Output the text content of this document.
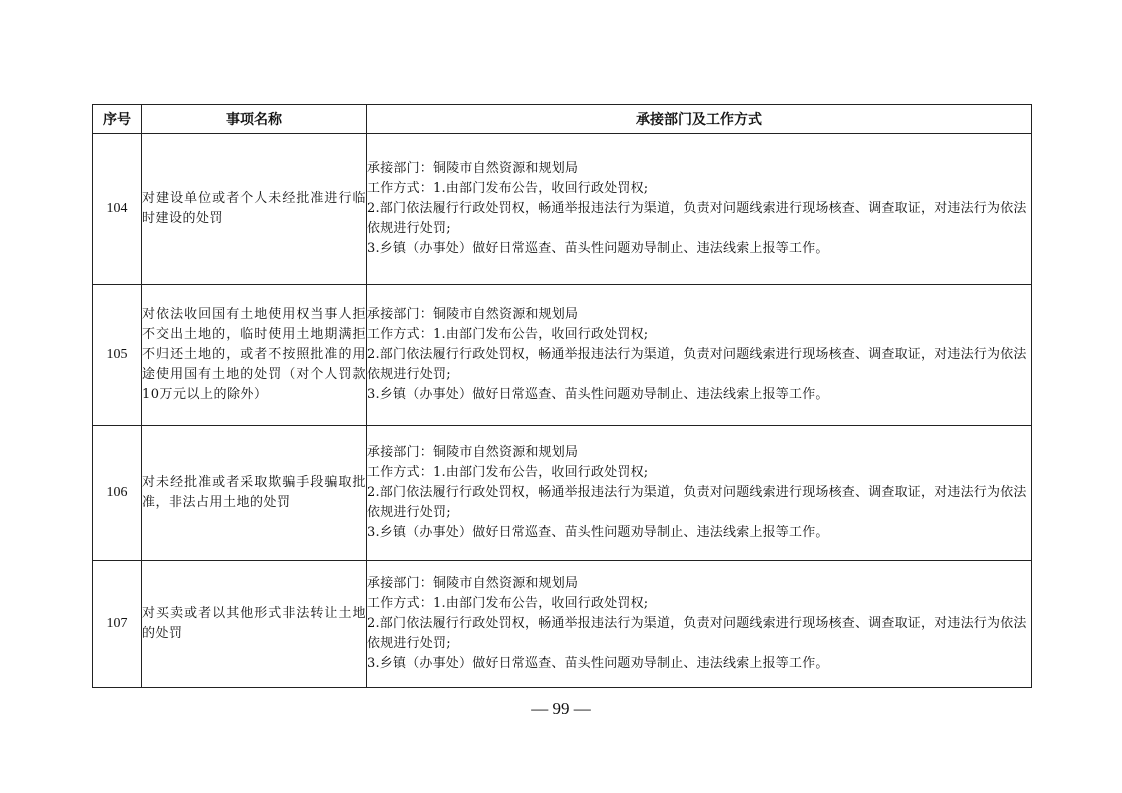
序号	事项名称	承接部门及工作方式
104	对建设单位或者个人未经批准进行临时建设的处罚	承接部门：铜陵市自然资源和规划局
工作方式：1.由部门发布公告，收回行政处罚权;
2.部门依法履行行政处罚权，畅通举报违法行为渠道，负责对问题线索进行现场核查、调查取证，对违法行为依法依规进行处罚;
3.乡镇（办事处）做好日常巡查、苗头性问题劝导制止、违法线索上报等工作。

105	对依法收回国有土地使用权当事人拒不交出土地的，临时使用土地期满拒不归还土地的，或者不按照批准的用途使用国有土地的处罚（对个人罚款10万元以上的除外）	承接部门：铜陵市自然资源和规划局
工作方式：1.由部门发布公告，收回行政处罚权;
2.部门依法履行行政处罚权，畅通举报违法行为渠道，负责对问题线索进行现场核查、调查取证，对违法行为依法依规进行处罚;
3.乡镇（办事处）做好日常巡查、苗头性问题劝导制止、违法线索上报等工作。

106	对未经批准或者采取欺骗手段骗取批准，非法占用土地的处罚	承接部门：铜陵市自然资源和规划局
工作方式：1.由部门发布公告，收回行政处罚权;
2.部门依法履行行政处罚权，畅通举报违法行为渠道，负责对问题线索进行现场核查、调查取证，对违法行为依法依规进行处罚;
3.乡镇（办事处）做好日常巡查、苗头性问题劝导制止、违法线索上报等工作。

107	对买卖或者以其他形式非法转让土地的处罚	承接部门：铜陵市自然资源和规划局
工作方式：1.由部门发布公告，收回行政处罚权;
2.部门依法履行行政处罚权，畅通举报违法行为渠道，负责对问题线索进行现场核查、调查取证，对违法行为依法依规进行处罚;
3.乡镇（办事处）做好日常巡查、苗头性问题劝导制止、违法线索上报等工作。
— 99 —
